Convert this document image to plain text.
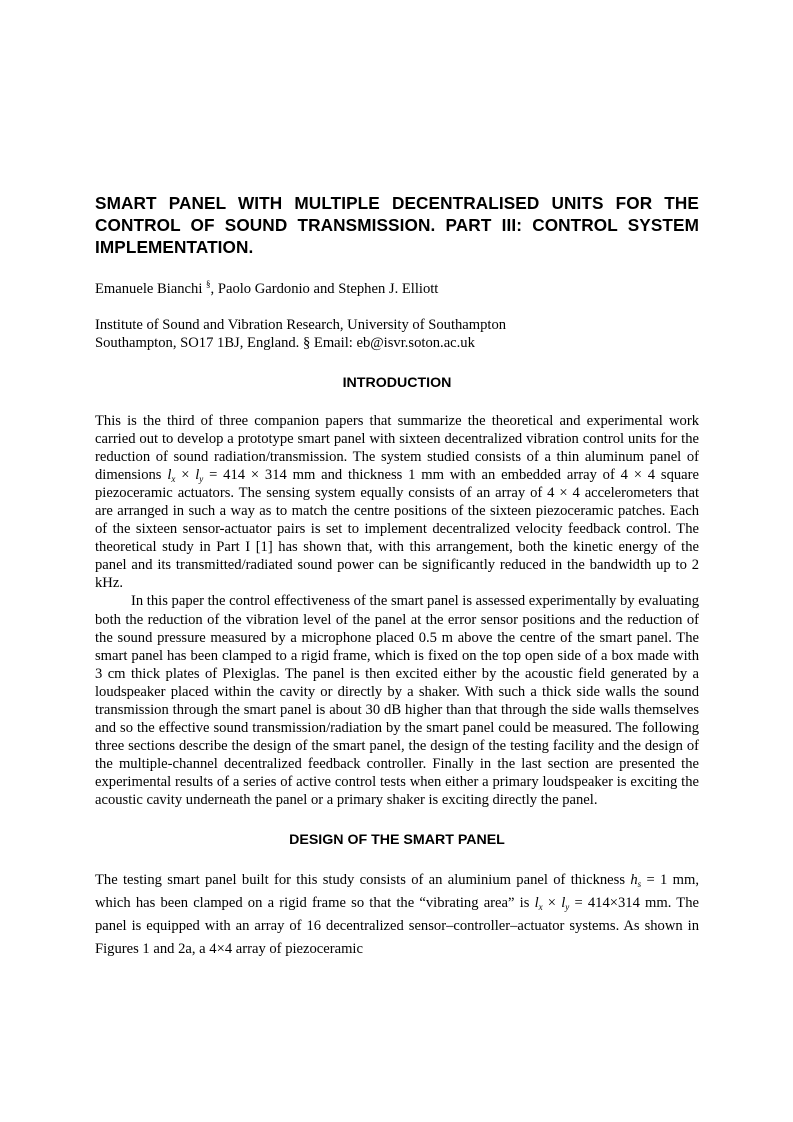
SMART PANEL WITH MULTIPLE DECENTRALISED UNITS FOR THE CONTROL OF SOUND TRANSMISSION. PART III: CONTROL SYSTEM IMPLEMENTATION.

Emanuele Bianchi §, Paolo Gardonio and Stephen J. Elliott

Institute of Sound and Vibration Research, University of Southampton
Southampton, SO17 1BJ, England. § Email: eb@isvr.soton.ac.uk
INTRODUCTION

This is the third of three companion papers that summarize the theoretical and experimental work carried out to develop a prototype smart panel with sixteen decentralized vibration control units for the reduction of sound radiation/transmission. The system studied consists of a thin aluminum panel of dimensions $l_x \times l_y = 414 \times 314$ mm and thickness 1 mm with an embedded array of 4 × 4 square piezoceramic actuators. The sensing system equally consists of an array of 4 × 4 accelerometers that are arranged in such a way as to match the centre positions of the sixteen piezoceramic patches. Each of the sixteen sensor-actuator pairs is set to implement decentralized velocity feedback control. The theoretical study in Part I [1] has shown that, with this arrangement, both the kinetic energy of the panel and its transmitted/radiated sound power can be significantly reduced in the bandwidth up to 2 kHz.

In this paper the control effectiveness of the smart panel is assessed experimentally by evaluating both the reduction of the vibration level of the panel at the error sensor positions and the reduction of the sound pressure measured by a microphone placed 0.5 m above the centre of the smart panel. The smart panel has been clamped to a rigid frame, which is fixed on the top open side of a box made with 3 cm thick plates of Plexiglas. The panel is then excited either by the acoustic field generated by a loudspeaker placed within the cavity or directly by a shaker. With such a thick side walls the sound transmission through the smart panel is about 30 dB higher than that through the side walls themselves and so the effective sound transmission/radiation by the smart panel could be measured. The following three sections describe the design of the smart panel, the design of the testing facility and the design of the multiple-channel decentralized feedback controller. Finally in the last section are presented the experimental results of a series of active control tests when either a primary loudspeaker is exciting the acoustic cavity underneath the panel or a primary shaker is exciting directly the panel.

DESIGN OF THE SMART PANEL

The testing smart panel built for this study consists of an aluminium panel of thickness $h_s = 1$ mm, which has been clamped on a rigid frame so that the “vibrating area” is $l_x \times l_y = 414\times 314$ mm. The panel is equipped with an array of 16 decentralized sensor–controller–actuator systems. As shown in Figures 1 and 2a, a 4×4 array of piezoceramic
